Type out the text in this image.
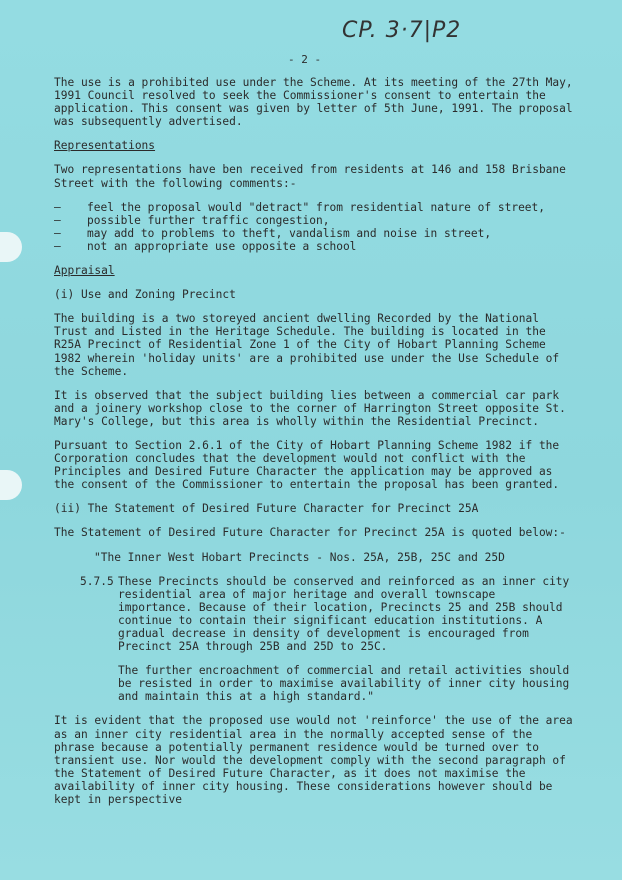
CP. 3·7|P2
- 2 -

The use is a prohibited use under the Scheme. At its meeting of the 27th May, 1991 Council resolved to seek the Commissioner's consent to entertain the application. This consent was given by letter of 5th June, 1991. The proposal was subsequently advertised.

Representations

Two representations have ben received from residents at 146 and 158 Brisbane Street with the following comments:-

– feel the proposal would "detract" from residential nature of street,
– possible further traffic congestion,
– may add to problems to theft, vandalism and noise in street,
– not an appropriate use opposite a school
Appraisal

(i) Use and Zoning Precinct

The building is a two storeyed ancient dwelling Recorded by the National Trust and Listed in the Heritage Schedule. The building is located in the R25A Precinct of Residential Zone 1 of the City of Hobart Planning Scheme 1982 wherein 'holiday units' are a prohibited use under the Use Schedule of the Scheme.

It is observed that the subject building lies between a commercial car park and a joinery workshop close to the corner of Harrington Street opposite St. Mary's College, but this area is wholly within the Residential Precinct.

Pursuant to Section 2.6.1 of the City of Hobart Planning Scheme 1982 if the Corporation concludes that the development would not conflict with the Principles and Desired Future Character the application may be approved as the consent of the Commissioner to entertain the proposal has been granted.

(ii) The Statement of Desired Future Character for Precinct 25A

The Statement of Desired Future Character for Precinct 25A is quoted below:-

"The Inner West Hobart Precincts - Nos. 25A, 25B, 25C and 25D

5.7.5 These Precincts should be conserved and reinforced as an inner city residential area of major heritage and overall townscape importance. Because of their location, Precincts 25 and 25B should continue to contain their significant education institutions. A gradual decrease in density of development is encouraged from Precinct 25A through 25B and 25D to 25C.

The further encroachment of commercial and retail activities should be resisted in order to maximise availability of inner city housing and maintain this at a high standard."

It is evident that the proposed use would not 'reinforce' the use of the area as an inner city residential area in the normally accepted sense of the phrase because a potentially permanent residence would be turned over to transient use. Nor would the development comply with the second paragraph of the Statement of Desired Future Character, as it does not maximise the availability of inner city housing. These considerations however should be kept in perspective
